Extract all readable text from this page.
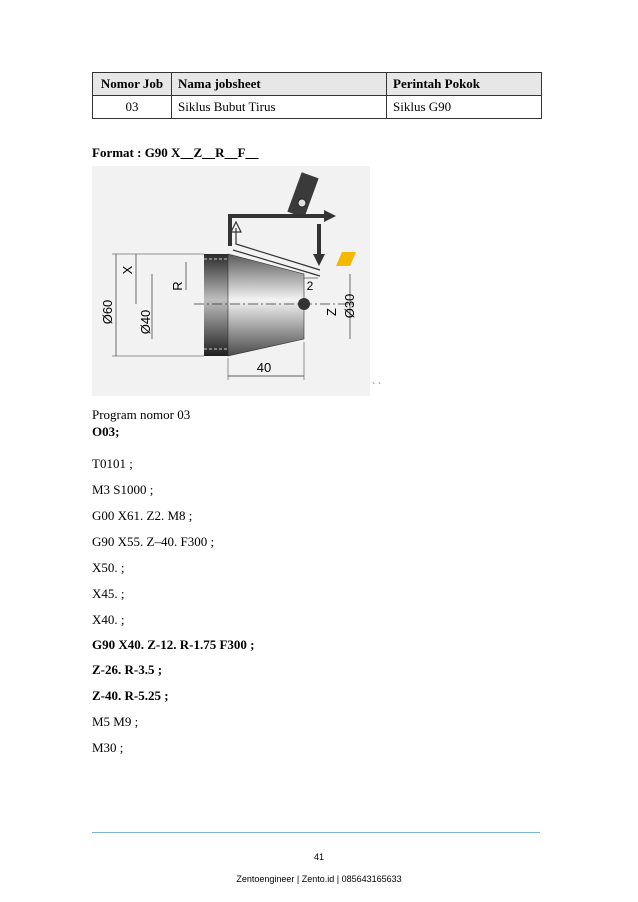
Nomor Job	Nama jobsheet	Perintah Pokok
03	Siklus Bubut Tirus	Siklus G90
Format : G90 X Z R F
Ø60
X
Ø40
R	2
Z Ø30
40
` `
Program nomor 03
O03;
T0101 ;
M3 S1000 ;
G00 X61. Z2. M8 ;
G90 X55. Z–40. F300 ;
X50. ;
X45. ;
X40. ;
G90 X40. Z-12. R-1.75 F300 ;
Z-26. R-3.5 ;
Z-40. R-5.25 ;
M5 M9 ;
M30 ;
41
Zentoengineer | Zento.id | 085643165633
